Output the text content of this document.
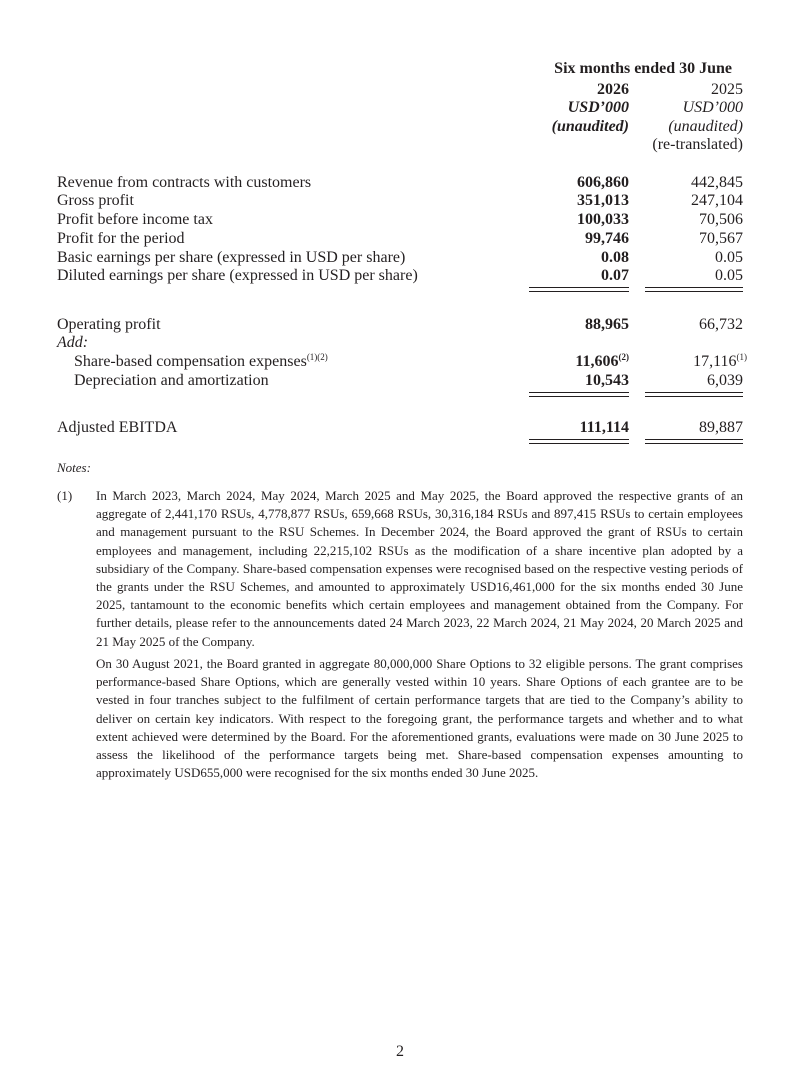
Six months ended 30 June
2026	2025
USD’000	USD’000
(unaudited) (unaudited)
(re-translated)
Revenue from contracts with customers	606,860	442,845
Gross profit	351,013	247,104
Profit before income tax	100,033	70,506
Profit for the period	99,746	70,567
Basic earnings per share (expressed in USD per share)	0.08	0.05
Diluted earnings per share (expressed in USD per share)	0.07	0.05
Operating profit	88,965	66,732
Add:
Share-based compensation expenses$^{(1)(2)}$	11,606$^{(2)}$	17,116$^{(1)}$
Depreciation and amortization	10,543	6,039
Adjusted EBITDA	111,114	89,887
Notes:
(1) In March 2023, March 2024, May 2024, March 2025 and May 2025, the Board approved the respective grants of an aggregate of 2,441,170 RSUs, 4,778,877 RSUs, 659,668 RSUs, 30,316,184 RSUs and 897,415 RSUs to certain employees and management pursuant to the RSU Schemes. In December 2024, the Board approved the grant of RSUs to certain employees and management, including 22,215,102 RSUs as the modification of a share incentive plan adopted by a subsidiary of the Company. Share-based compensation expenses were recognised based on the respective vesting periods of the grants under the RSU Schemes, and amounted to approximately USD16,461,000 for the six months ended 30 June 2025, tantamount to the economic benefits which certain employees and management obtained from the Company. For further details, please refer to the announcements dated 24 March 2023, 22 March 2024, 21 May 2024, 20 March 2025 and 21 May 2025 of the Company.
On 30 August 2021, the Board granted in aggregate 80,000,000 Share Options to 32 eligible persons. The grant comprises performance-based Share Options, which are generally vested within 10 years. Share Options of each grantee are to be vested in four tranches subject to the fulfilment of certain performance targets that are tied to the Company’s ability to deliver on certain key indicators. With respect to the foregoing grant, the performance targets and whether and to what extent achieved were determined by the Board. For the aforementioned grants, evaluations were made on 30 June 2025 to assess the likelihood of the performance targets being met. Share-based compensation expenses amounting to approximately USD655,000 were recognised for the six months ended 30 June 2025.
2
